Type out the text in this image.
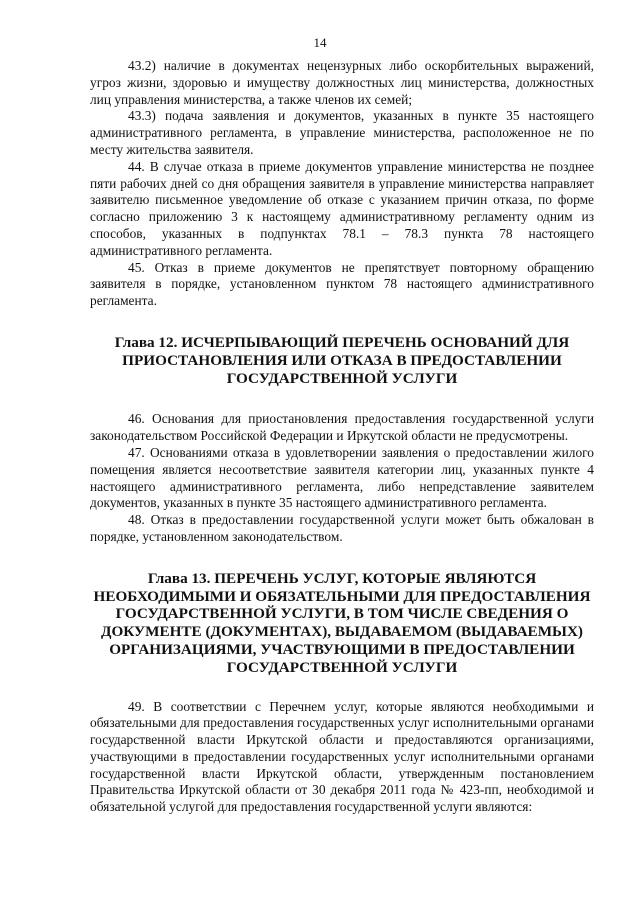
14

43.2) наличие в документах нецензурных либо оскорбительных выражений, угроз жизни, здоровью и имуществу должностных лиц министерства, должностных лиц управления министерства, а также членов их семей;

43.3) подача заявления и документов, указанных в пункте 35 настоящего административного регламента, в управление министерства, расположенное не по месту жительства заявителя.

44. В случае отказа в приеме документов управление министерства не позднее пяти рабочих дней со дня обращения заявителя в управление министерства направляет заявителю письменное уведомление об отказе с указанием причин отказа, по форме согласно приложению 3 к настоящему административному регламенту одним из способов, указанных в подпунктах 78.1 – 78.3 пункта 78 настоящего административного регламента.

45. Отказ в приеме документов не препятствует повторному обращению заявителя в порядке, установленном пунктом 78 настоящего административного регламента.

Глава 12. ИСЧЕРПЫВАЮЩИЙ ПЕРЕЧЕНЬ ОСНОВАНИЙ ДЛЯ ПРИОСТАНОВЛЕНИЯ ИЛИ ОТКАЗА В ПРЕДОСТАВЛЕНИИ ГОСУДАРСТВЕННОЙ УСЛУГИ

46. Основания для приостановления предоставления государственной услуги законодательством Российской Федерации и Иркутской области не предусмотрены.

47. Основаниями отказа в удовлетворении заявления о предоставлении жилого помещения является несоответствие заявителя категории лиц, указанных пункте 4 настоящего административного регламента, либо непредставление заявителем документов, указанных в пункте 35 настоящего административного регламента.

48. Отказ в предоставлении государственной услуги может быть обжалован в порядке, установленном законодательством.

Глава 13. ПЕРЕЧЕНЬ УСЛУГ, КОТОРЫЕ ЯВЛЯЮТСЯ НЕОБХОДИМЫМИ И ОБЯЗАТЕЛЬНЫМИ ДЛЯ ПРЕДОСТАВЛЕНИЯ ГОСУДАРСТВЕННОЙ УСЛУГИ, В ТОМ ЧИСЛЕ СВЕДЕНИЯ О ДОКУМЕНТЕ (ДОКУМЕНТАХ), ВЫДАВАЕМОМ (ВЫДАВАЕМЫХ) ОРГАНИЗАЦИЯМИ, УЧАСТВУЮЩИМИ В ПРЕДОСТАВЛЕНИИ ГОСУДАРСТВЕННОЙ УСЛУГИ

49. В соответствии с Перечнем услуг, которые являются необходимыми и обязательными для предоставления государственных услуг исполнительными органами государственной власти Иркутской области и предоставляются организациями, участвующими в предоставлении государственных услуг исполнительными органами государственной власти Иркутской области, утвержденным постановлением Правительства Иркутской области от 30 декабря 2011 года № 423-пп, необходимой и обязательной услугой для предоставления государственной услуги являются:
